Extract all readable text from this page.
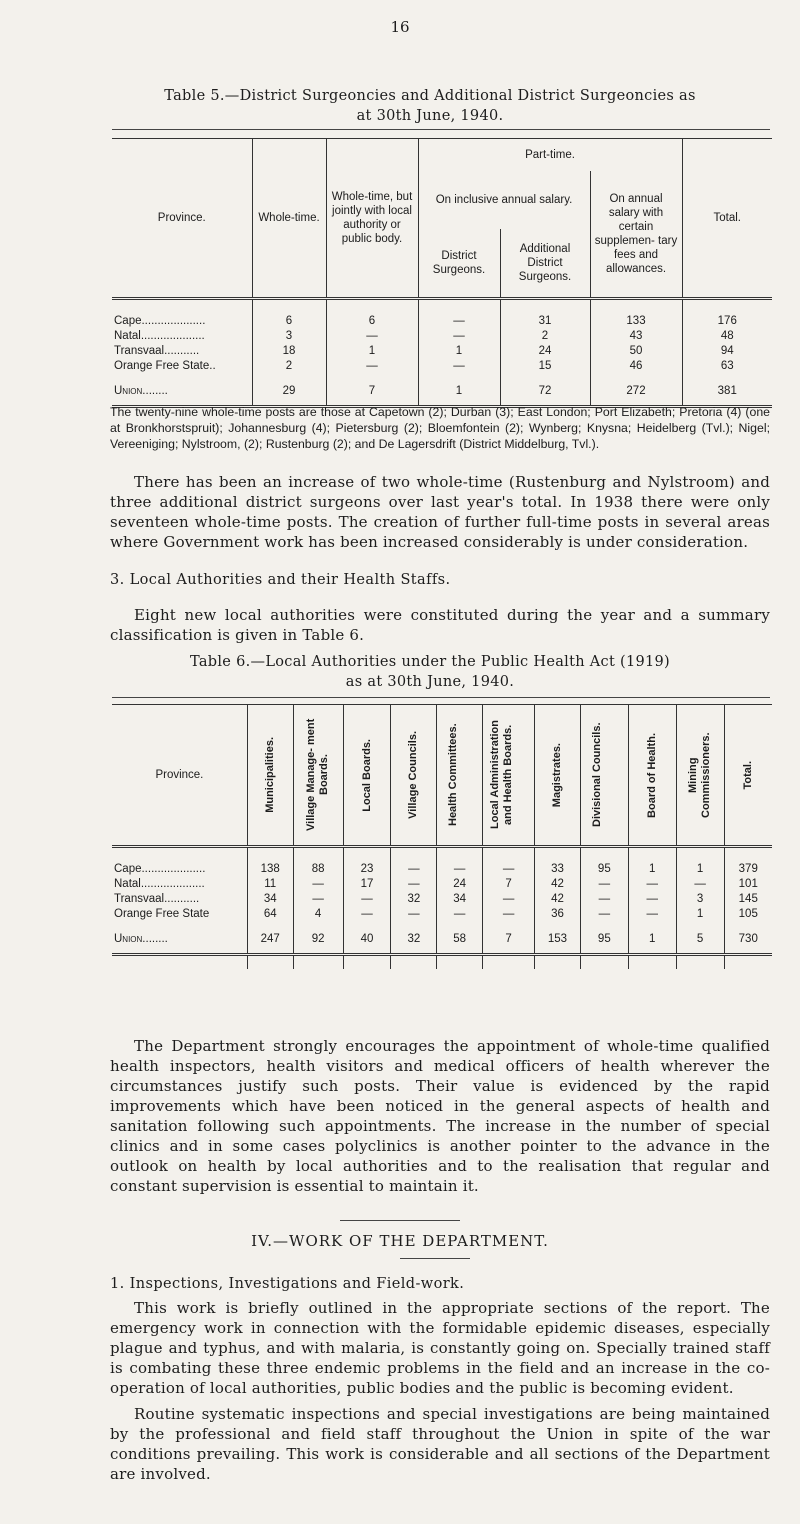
16
Table 5.—District Surgeoncies and Additional District Surgeoncies as
at 30th June, 1940.
Province.	Whole-time.	Whole-time, but jointly with local authority or public body.	Part-time.			Total.
			On inclusive annual salary.		On annual salary with certain supplemen- tary fees and allowances.	
			District Surgeons.	Additional District Surgeons.		

Cape....................	6	6	—	31	133	176
Natal....................	3	—	—	2	43	48
Transvaal...........	18	1	1	24	50	94
Orange Free State..	2	—	—	15	46	63
Union........	29	7	1	72	272	381
The twenty-nine whole-time posts are those at Capetown (2); Durban (3); East London; Port Elizabeth; Pretoria (4) (one at Bronkhorstspruit); Johannesburg (4); Pietersburg (2); Bloemfontein (2); Wynberg; Knysna; Heidelberg (Tvl.); Nigel; Vereeniging; Nylstroom, (2); Rustenburg (2); and De Lagersdrift (District Middelburg, Tvl.).
There has been an increase of two whole-time (Rustenburg and Nylstroom) and three additional district surgeons over last year's total. In 1938 there were only seventeen whole-time posts. The creation of further full-time posts in several areas where Government work has been increased considerably is under consideration.
3. Local Authorities and their Health Staffs.
Eight new local authorities were constituted during the year and a summary classification is given in Table 6.
Table 6.—Local Authorities under the Public Health Act (1919)
as at 30th June, 1940.
Province.	Municipalities.	Village Manage- ment Boards.	Local Boards.	Village Councils.	Health Committees.	Local Administration and Health Boards.	Magistrates.	Divisional Councils.	Board of Health.	Mining Commissioners.	Total.

Cape....................	138	88	23	—	—	—	33	95	1	1	379
Natal....................	11	—	17	—	24	7	42	—	—	—	101
Transvaal...........	34	—	—	32	34	—	42	—	—	3	145
Orange Free State	64	4	—	—	—	—	36	—	—	1	105
Union........	247	92	40	32	58	7	153	95	1	5	730

The Department strongly encourages the appointment of whole-time qualified health inspectors, health visitors and medical officers of health wherever the circumstances justify such posts. Their value is evidenced by the rapid improvements which have been noticed in the general aspects of health and sanitation following such appointments. The increase in the number of special clinics and in some cases polyclinics is another pointer to the advance in the outlook on health by local authorities and to the realisation that regular and constant supervision is essential to maintain it.
IV.—WORK OF THE DEPARTMENT.
1. Inspections, Investigations and Field-work.
This work is briefly outlined in the appropriate sections of the report. The emergency work in connection with the formidable epidemic diseases, especially plague and typhus, and with malaria, is constantly going on. Specially trained staff is combating these three endemic problems in the field and an increase in the co-operation of local authorities, public bodies and the public is becoming evident.
Routine systematic inspections and special investigations are being maintained by the professional and field staff throughout the Union in spite of the war conditions prevailing. This work is considerable and all sections of the Department are involved.
